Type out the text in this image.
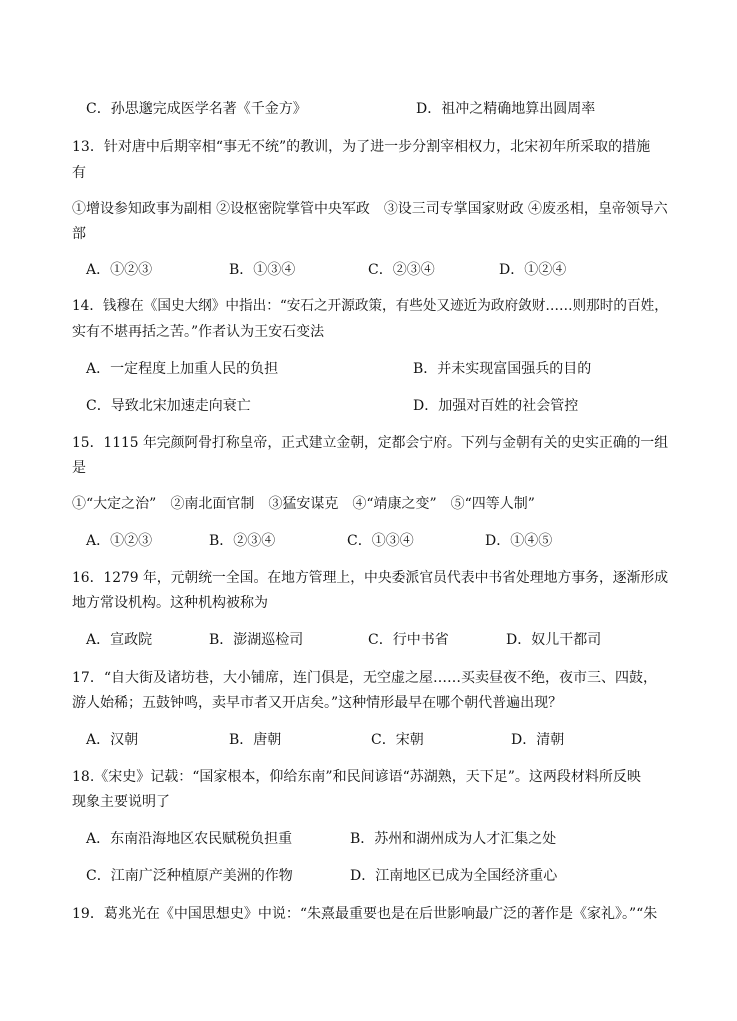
C．孙思邈完成医学名著《千金方》	D．祖冲之精确地算出圆周率
13．针对唐中后期宰相“事无不统”的教训，为了进一步分割宰相权力，北宋初年所采取的措施
有
①增设参知政事为副相 ②设枢密院掌管中央军政　③设三司专掌国家财政 ④废丞相，皇帝领导六
部
A．①②③	B．①③④	C．②③④	D．①②④
14．钱穆在《国史大纲》中指出：“安石之开源政策，有些处又迹近为政府敛财……则那时的百姓，
实有不堪再括之苦。”作者认为王安石变法
A．一定程度上加重人民的负担	B．并未实现富国强兵的目的
C．导致北宋加速走向衰亡	D．加强对百姓的社会管控
15．1115 年完颜阿骨打称皇帝，正式建立金朝，定都会宁府。下列与金朝有关的史实正确的一组
是
①“大定之治”　②南北面官制　③猛安谋克　④“靖康之变”　⑤“四等人制”
A．①②③	B．②③④	C．①③④	D．①④⑤
16．1279 年，元朝统一全国。在地方管理上，中央委派官员代表中书省处理地方事务，逐渐形成
地方常设机构。这种机构被称为
A．宣政院	B．澎湖巡检司	C．行中书省	D．奴儿干都司
17．“自大街及诸坊巷，大小铺席，连门俱是，无空虚之屋……买卖昼夜不绝，夜市三、四鼓，
游人始稀；五鼓钟鸣，卖早市者又开店矣。”这种情形最早在哪个朝代普遍出现？
A．汉朝	B．唐朝	C．宋朝	D．清朝
18.《宋史》记载：“国家根本，仰给东南”和民间谚语“苏湖熟，天下足”。这两段材料所反映
现象主要说明了
A．东南沿海地区农民赋税负担重	B．苏州和湖州成为人才汇集之处
C．江南广泛种植原产美洲的作物	D．江南地区已成为全国经济重心
19．葛兆光在《中国思想史》中说：“朱熹最重要也是在后世影响最广泛的著作是《家礼》。”“朱
